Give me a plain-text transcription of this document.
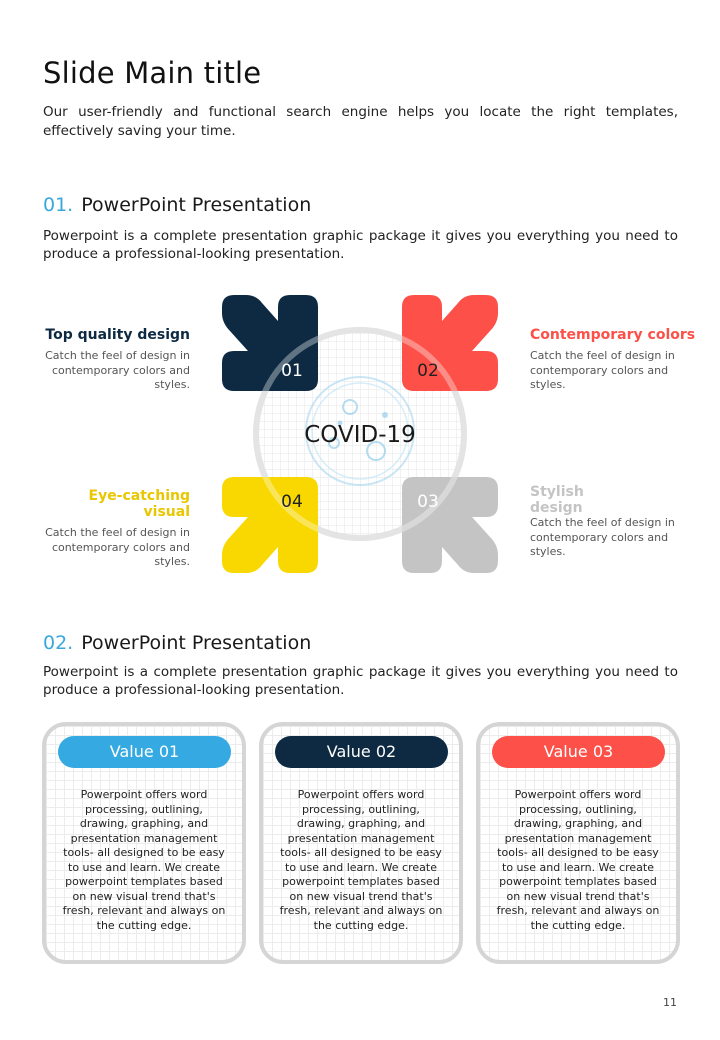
Slide Main title

Our user-friendly and functional search engine helps you locate the right templates, effectively saving your time.

01. PowerPoint Presentation

Powerpoint is a complete presentation graphic package it gives you everything you need to produce a professional-looking presentation.

01	02
03
04
COVID-19
Top quality design
Catch the feel of design in contemporary colors and styles.
Contemporary colors
Catch the feel of design in contemporary colors and styles.
Eye-catching visual
Catch the feel of design in contemporary colors and styles.
Stylish design
Catch the feel of design in contemporary colors and styles.
02. PowerPoint Presentation

Powerpoint is a complete presentation graphic package it gives you everything you need to produce a professional-looking presentation.

Value 01

Powerpoint offers word processing, outlining, drawing, graphing, and presentation management tools- all designed to be easy to use and learn. We create powerpoint templates based on new visual trend that's fresh, relevant and always on the cutting edge.

Value 02

Powerpoint offers word processing, outlining, drawing, graphing, and presentation management tools- all designed to be easy to use and learn. We create powerpoint templates based on new visual trend that's fresh, relevant and always on the cutting edge.

Value 03

Powerpoint offers word processing, outlining, drawing, graphing, and presentation management tools- all designed to be easy to use and learn. We create powerpoint templates based on new visual trend that's fresh, relevant and always on the cutting edge.

11
